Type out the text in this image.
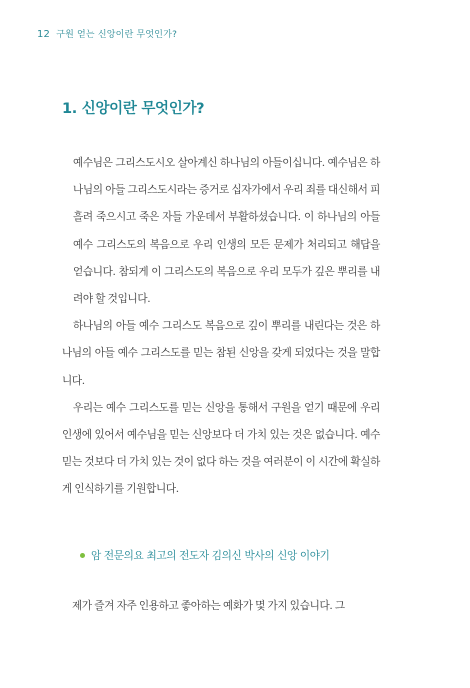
12 구원 얻는 신앙이란 무엇인가?
1. 신앙이란 무엇인가?

예수님은 그리스도시오 살아계신 하나님의 아들이십니다. 예수님은 하나님의 아들 그리스도시라는 증거로 십자가에서 우리 죄를 대신해서 피 흘려 죽으시고 죽은 자들 가운데서 부활하셨습니다. 이 하나님의 아들 예수 그리스도의 복음으로 우리 인생의 모든 문제가 처리되고 해답을 얻습니다. 참되게 이 그리스도의 복음으로 우리 모두가 깊은 뿌리를 내려야 할 것입니다.

하나님의 아들 예수 그리스도 복음으로 깊이 뿌리를 내린다는 것은 하나님의 아들 예수 그리스도를 믿는 참된 신앙을 갖게 되었다는 것을 말합니다.

우리는 예수 그리스도를 믿는 신앙을 통해서 구원을 얻기 때문에 우리 인생에 있어서 예수님을 믿는 신앙보다 더 가치 있는 것은 없습니다. 예수 믿는 것보다 더 가치 있는 것이 없다 하는 것을 여러분이 이 시간에 확실하게 인식하기를 기원합니다.

암 전문의요 최고의 전도자 김의신 박사의 신앙 이야기
제가 즐겨 자주 인용하고 좋아하는 예화가 몇 가지 있습니다. 그
